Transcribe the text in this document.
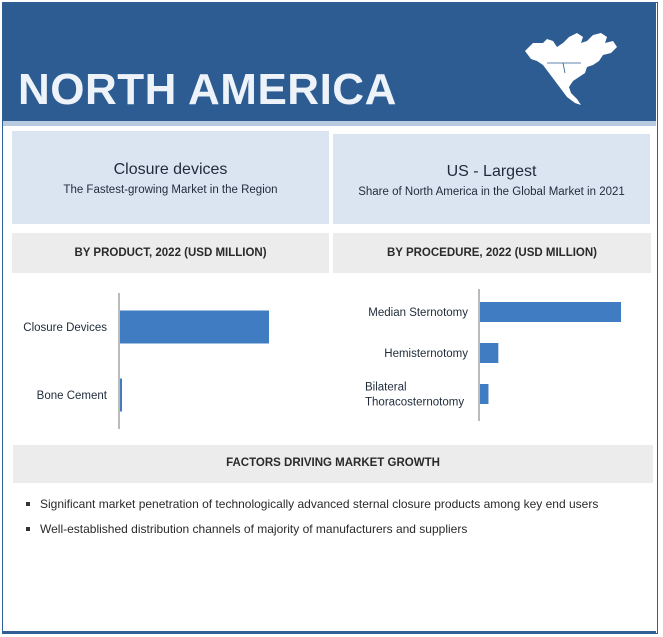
NORTH AMERICA
Closure devices
The Fastest-growing Market in the Region
US - Largest
Share of North America in the Global Market in 2021
BY PRODUCT, 2022 (USD MILLION)	BY PROCEDURE, 2022 (USD MILLION)
Closure Devices
Bone Cement
Median Sternotomy
Hemisternotomy
Bilateral Thoracosternotomy
FACTORS DRIVING MARKET GROWTH
Significant market penetration of technologically advanced sternal closure products among key end users
Well-established distribution channels of majority of manufacturers and suppliers
